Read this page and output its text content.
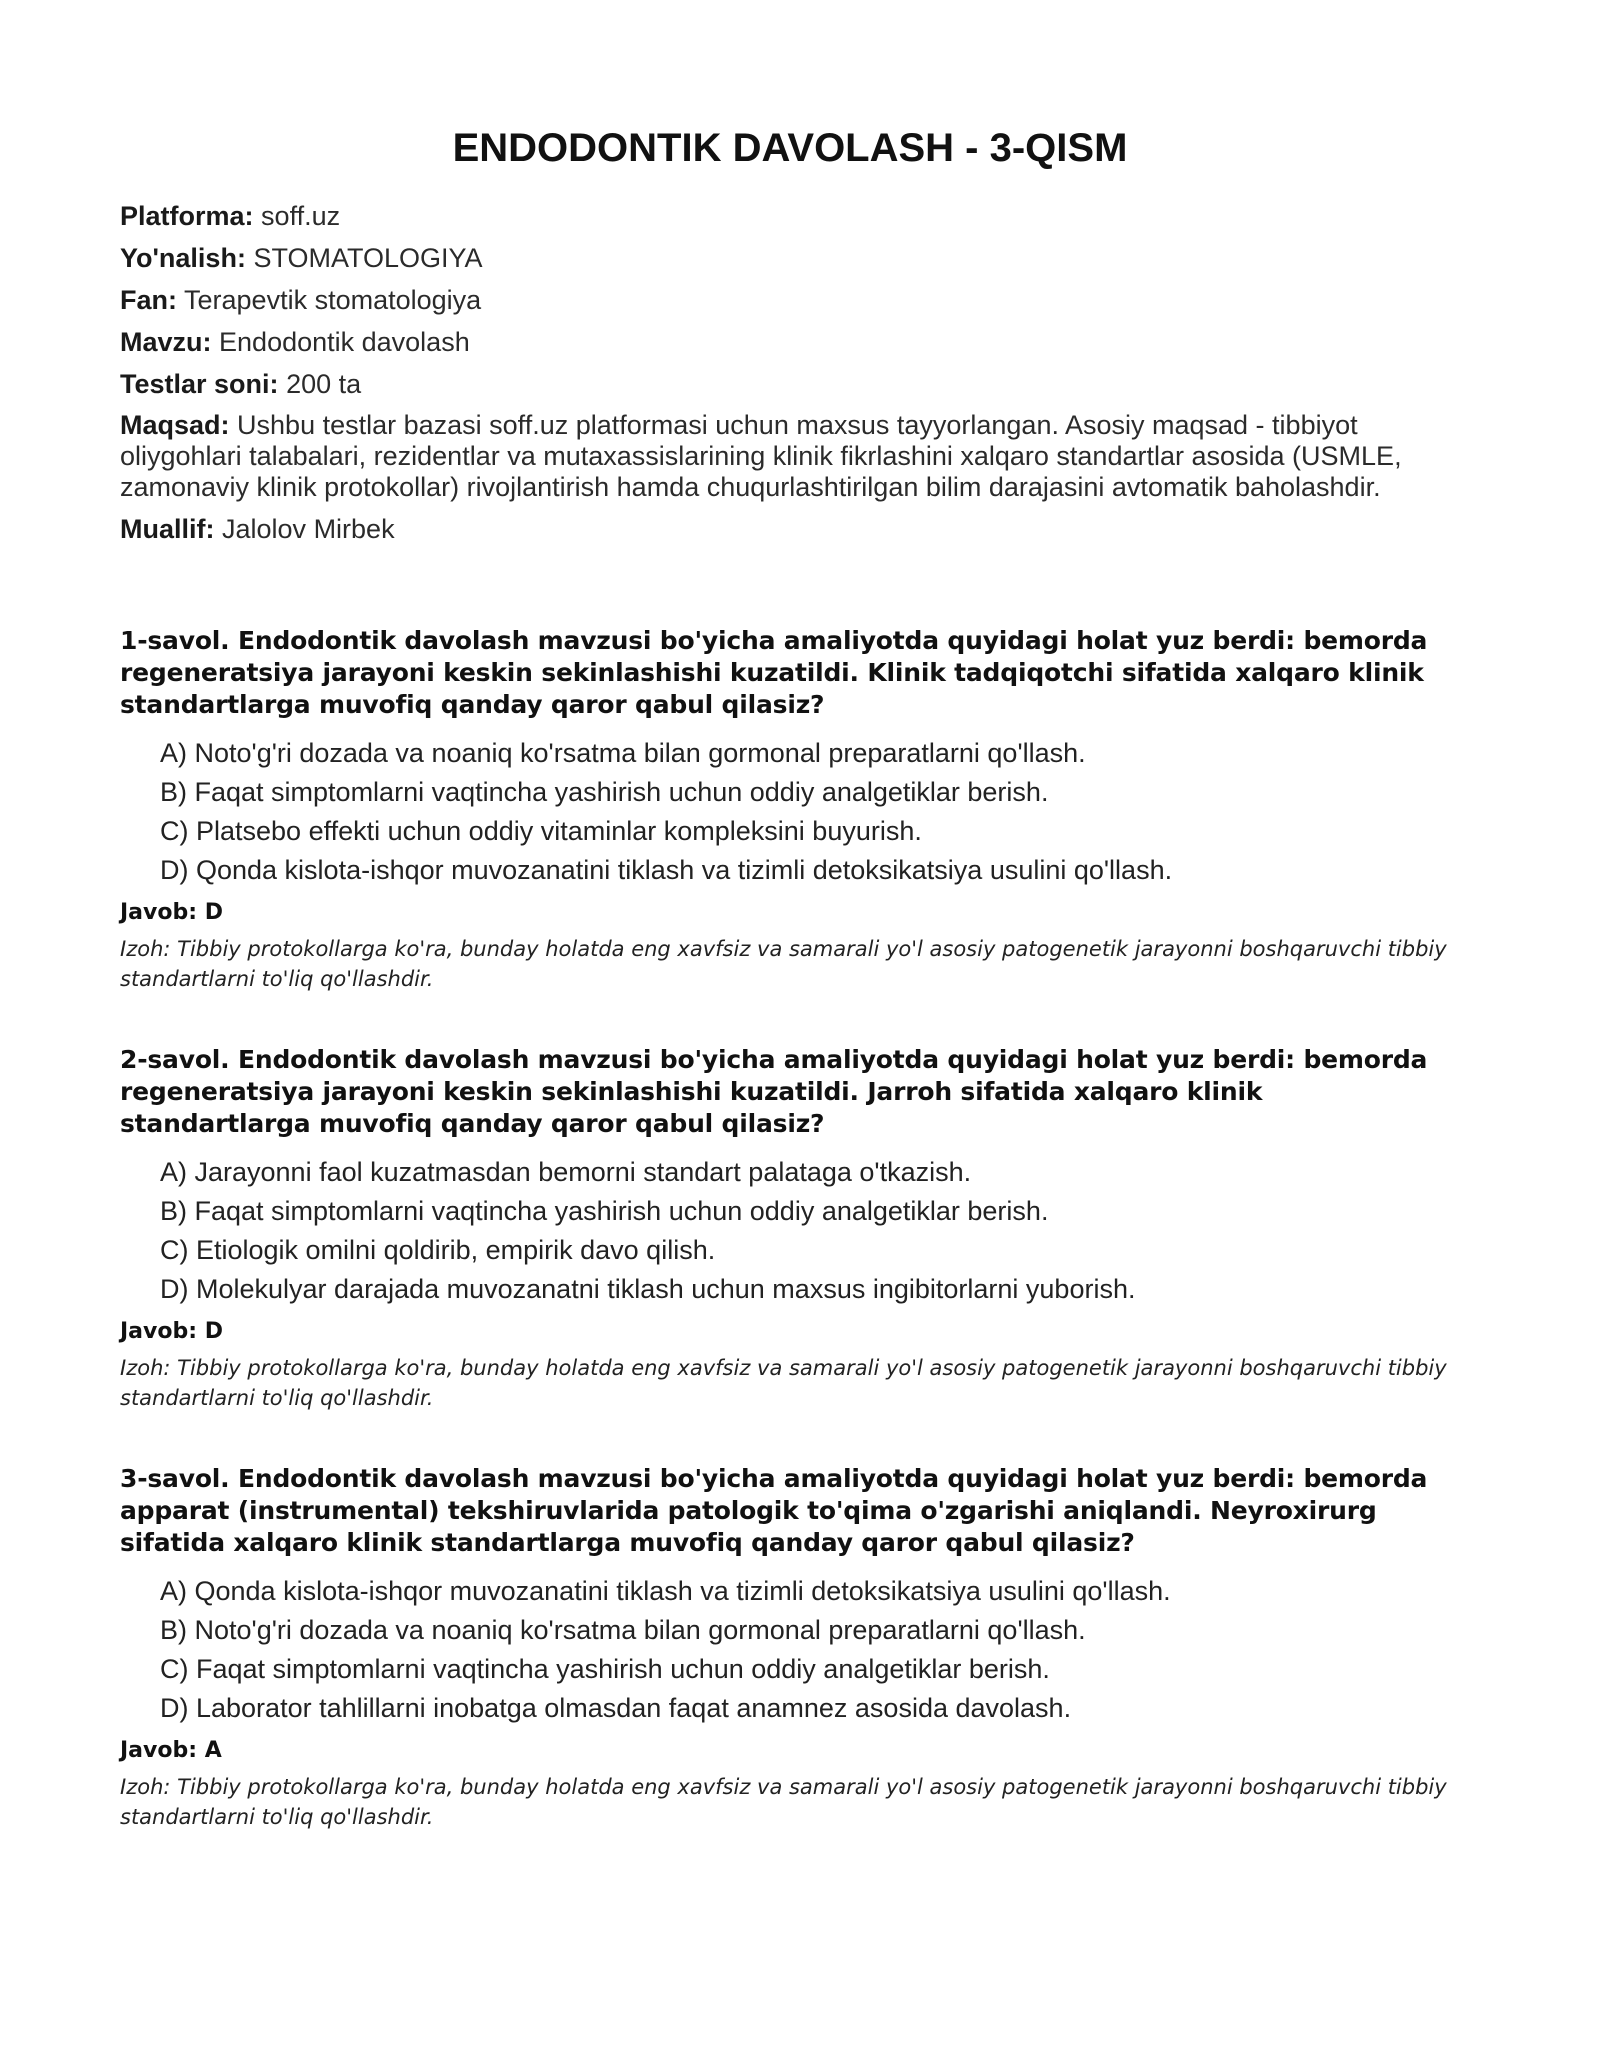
ENDODONTIK DAVOLASH - 3-QISM
Platforma: soff.uz
Yo'nalish: STOMATOLOGIYA
Fan: Terapevtik stomatologiya
Mavzu: Endodontik davolash
Testlar soni: 200 ta
Maqsad: Ushbu testlar bazasi soff.uz platformasi uchun maxsus tayyorlangan. Asosiy maqsad - tibbiyot oliygohlari talabalari, rezidentlar va mutaxassislarining klinik fikrlashini xalqaro standartlar asosida (USMLE, zamonaviy klinik protokollar) rivojlantirish hamda chuqurlashtirilgan bilim darajasini avtomatik baholashdir.
Muallif: Jalolov Mirbek
1-savol. Endodontik davolash mavzusi bo'yicha amaliyotda quyidagi holat yuz berdi: bemorda regeneratsiya jarayoni keskin sekinlashishi kuzatildi. Klinik tadqiqotchi sifatida xalqaro klinik standartlarga muvofiq qanday qaror qabul qilasiz?
A) Noto'g'ri dozada va noaniq ko'rsatma bilan gormonal preparatlarni qo'llash.
B) Faqat simptomlarni vaqtincha yashirish uchun oddiy analgetiklar berish.
C) Platsebo effekti uchun oddiy vitaminlar kompleksini buyurish.
D) Qonda kislota-ishqor muvozanatini tiklash va tizimli detoksikatsiya usulini qo'llash.
Javob: D
Izoh: Tibbiy protokollarga ko'ra, bunday holatda eng xavfsiz va samarali yo'l asosiy patogenetik jarayonni boshqaruvchi tibbiy standartlarni to'liq qo'llashdir.
2-savol. Endodontik davolash mavzusi bo'yicha amaliyotda quyidagi holat yuz berdi: bemorda regeneratsiya jarayoni keskin sekinlashishi kuzatildi. Jarroh sifatida xalqaro klinik standartlarga muvofiq qanday qaror qabul qilasiz?
A) Jarayonni faol kuzatmasdan bemorni standart palataga o'tkazish.
B) Faqat simptomlarni vaqtincha yashirish uchun oddiy analgetiklar berish.
C) Etiologik omilni qoldirib, empirik davo qilish.
D) Molekulyar darajada muvozanatni tiklash uchun maxsus ingibitorlarni yuborish.
Javob: D
Izoh: Tibbiy protokollarga ko'ra, bunday holatda eng xavfsiz va samarali yo'l asosiy patogenetik jarayonni boshqaruvchi tibbiy standartlarni to'liq qo'llashdir.
3-savol. Endodontik davolash mavzusi bo'yicha amaliyotda quyidagi holat yuz berdi: bemorda apparat (instrumental) tekshiruvlarida patologik to'qima o'zgarishi aniqlandi. Neyroxirurg sifatida xalqaro klinik standartlarga muvofiq qanday qaror qabul qilasiz?
A) Qonda kislota-ishqor muvozanatini tiklash va tizimli detoksikatsiya usulini qo'llash.
B) Noto'g'ri dozada va noaniq ko'rsatma bilan gormonal preparatlarni qo'llash.
C) Faqat simptomlarni vaqtincha yashirish uchun oddiy analgetiklar berish.
D) Laborator tahlillarni inobatga olmasdan faqat anamnez asosida davolash.
Javob: A
Izoh: Tibbiy protokollarga ko'ra, bunday holatda eng xavfsiz va samarali yo'l asosiy patogenetik jarayonni boshqaruvchi tibbiy standartlarni to'liq qo'llashdir.
